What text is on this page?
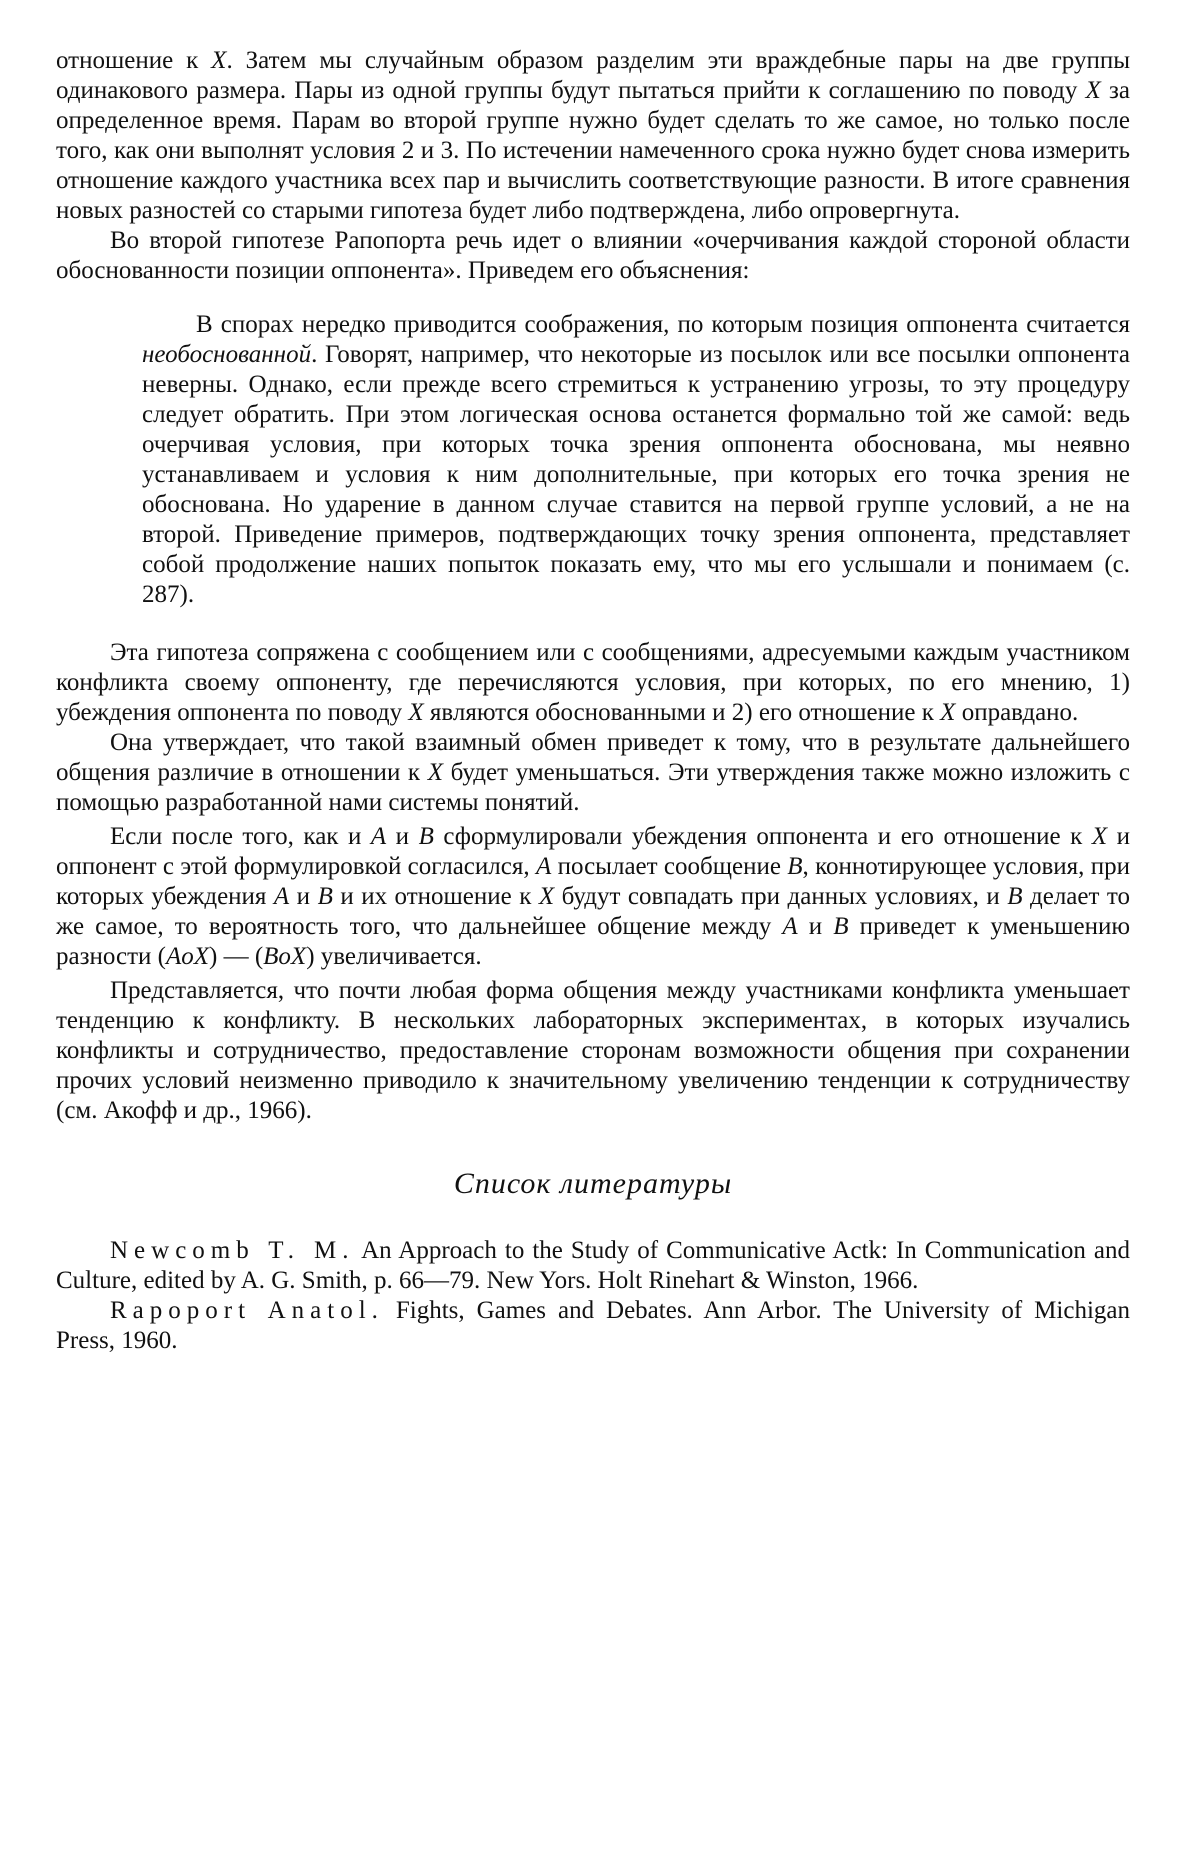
отношение к X. Затем мы случайным образом разделим эти враждебные пары на две группы одинакового размера. Пары из одной группы будут пытаться прийти к соглашению по поводу X за определенное время. Парам во второй группе нужно будет сделать то же самое, но только после того, как они выполнят условия 2 и 3. По истечении намеченного срока нужно будет снова измерить отношение каждого участника всех пар и вычислить соответствующие разности. В итоге сравнения новых разностей со старыми гипотеза будет либо подтверждена, либо опровергнута.

Во второй гипотезе Рапопорта речь идет о влиянии «очерчивания каждой стороной области обоснованности позиции оппонента». Приведем его объяснения:

В спорах нередко приводится соображения, по которым позиция оппонента считается необоснованной. Говорят, например, что некоторые из посылок или все посылки оппонента неверны. Однако, если прежде всего стремиться к устранению угрозы, то эту процедуру следует обратить. При этом логическая основа останется формально той же самой: ведь очерчивая условия, при которых точка зрения оппонента обоснована, мы неявно устанавливаем и условия к ним дополнительные, при которых его точка зрения не обоснована. Но ударение в данном случае ставится на первой группе условий, а не на второй. Приведение примеров, подтверждающих точку зрения оппонента, представляет собой продолжение наших попыток показать ему, что мы его услышали и понимаем (с. 287).

Эта гипотеза сопряжена с сообщением или с сообщениями, адресуемыми каждым участником конфликта своему оппоненту, где перечисляются условия, при которых, по его мнению, 1) убеждения оппонента по поводу X являются обоснованными и 2) его отношение к X оправдано.

Она утверждает, что такой взаимный обмен приведет к тому, что в результате дальнейшего общения различие в отношении к X будет уменьшаться. Эти утверждения также можно изложить с помощью разработанной нами системы понятий.

Если после того, как и A и B сформулировали убеждения оппонента и его отношение к X и оппонент с этой формулировкой согласился, A посылает сообщение B, коннотирующее условия, при которых убеждения A и B и их отношение к X будут совпадать при данных условиях, и B делает то же самое, то вероятность того, что дальнейшее общение между A и B приведет к уменьшению разности (AoX) — (BoX) увеличивается.

Представляется, что почти любая форма общения между участниками конфликта уменьшает тенденцию к конфликту. В нескольких лабораторных экспериментах, в которых изучались конфликты и сотрудничество, предоставление сторонам возможности общения при сохранении прочих условий неизменно приводило к значительному увеличению тенденции к сотрудничеству (см. Акофф и др., 1966).

Список литературы

Newcomb T. M. An Approach to the Study of Communicative Actk: In Communication and Culture, edited by A. G. Smith, p. 66—79. New Yors. Holt Rinehart & Winston, 1966.

Rapoport Anatol. Fights, Games and Debates. Ann Arbor. The University of Michigan Press, 1960.
